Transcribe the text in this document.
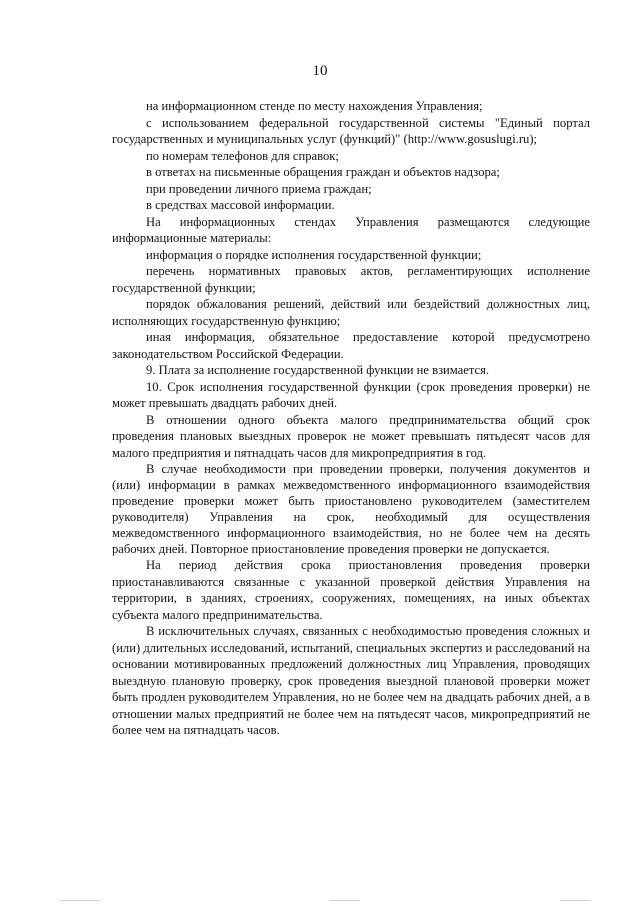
10

на информационном стенде по месту нахождения Управления;

с использованием федеральной государственной системы "Единый портал государственных и муниципальных услуг (функций)" (http://www.gosuslugi.ru);

по номерам телефонов для справок;

в ответах на письменные обращения граждан и объектов надзора;

при проведении личного приема граждан;

в средствах массовой информации.

На информационных стендах Управления размещаются следующие информационные материалы:

информация о порядке исполнения государственной функции;

перечень нормативных правовых актов, регламентирующих исполнение государственной функции;

порядок обжалования решений, действий или бездействий должностных лиц, исполняющих государственную функцию;

иная информация, обязательное предоставление которой предусмотрено законодательством Российской Федерации.

9. Плата за исполнение государственной функции не взимается.

10. Срок исполнения государственной функции (срок проведения проверки) не может превышать двадцать рабочих дней.

В отношении одного объекта малого предпринимательства общий срок проведения плановых выездных проверок не может превышать пятьдесят часов для малого предприятия и пятнадцать часов для микропредприятия в год.

В случае необходимости при проведении проверки, получения документов и (или) информации в рамках межведомственного информационного взаимодействия проведение проверки может быть приостановлено руководителем (заместителем руководителя) Управления на срок, необходимый для осуществления межведомственного информационного взаимодействия, но не более чем на десять рабочих дней. Повторное приостановление проведения проверки не допускается.

На период действия срока приостановления проведения проверки приостанавливаются связанные с указанной проверкой действия Управления на территории, в зданиях, строениях, сооружениях, помещениях, на иных объектах субъекта малого предпринимательства.

В исключительных случаях, связанных с необходимостью проведения сложных и (или) длительных исследований, испытаний, специальных экспертиз и расследований на основании мотивированных предложений должностных лиц Управления, проводящих выездную плановую проверку, срок проведения выездной плановой проверки может быть продлен руководителем Управления, но не более чем на двадцать рабочих дней, а в отношении малых предприятий не более чем на пятьдесят часов, микропредприятий не более чем на пятнадцать часов.
